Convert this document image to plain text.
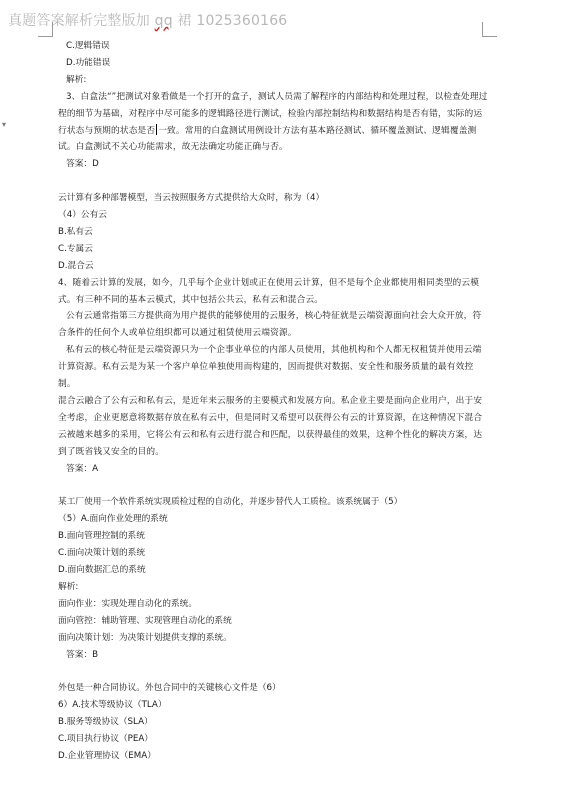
真题答案解析完整版加 qq 裙 1025360166
▾

C.逻辑错误

D.功能错误

解析:

3、白盒法“”把测试对象看做是一个打开的盒子，测试人员需了解程序的内部结构和处理过程，以检查处理过程的细节为基础，对程序中尽可能多的逻辑路径进行测试，检验内部控制结构和数据结构是否有错，实际的运行状态与预期的状态是否 一致。常用的白盒测试用例设计方法有基本路径测试、循环覆盖测试、逻辑覆盖测试。白盒测试不关心功能需求，故无法确定功能正确与否。

答案：D

云计算有多种部署模型，当云按照服务方式提供给大众时，称为（4）

（4）公有云

B.私有云

C.专属云

D.混合云

4、随着云计算的发展，如今，几乎每个企业计划或正在使用云计算，但不是每个企业都使用相同类型的云模式。有三种不同的基本云模式，其中包括公共云，私有云和混合云。

公有云通常指第三方提供商为用户提供的能够使用的云服务，核心特征就是云端资源面向社会大众开放，符合条件的任何个人或单位组织都可以通过租赁使用云端资源。

私有云的核心特征是云端资源只为一个企事业单位的内部人员使用，其他机构和个人都无权租赁并使用云端计算资源。私有云是为某一个客户单位单独使用而构建的，因而提供对数据、安全性和服务质量的最有效控制。

混合云融合了公有云和私有云，是近年来云服务的主要模式和发展方向。私企业主要是面向企业用户，出于安全考虑，企业更愿意将数据存放在私有云中，但是同时又希望可以获得公有云的计算资源，在这种情况下混合云被越来越多的采用，它将公有云和私有云进行混合和匹配，以获得最佳的效果，这种个性化的解决方案，达到了既省钱又安全的目的。

答案：A

某工厂使用一个软件系统实现质检过程的自动化，并逐步替代人工质检。该系统属于（5）

（5）A.面向作业处理的系统

B.面向管理控制的系统

C.面向决策计划的系统

D.面向数据汇总的系统

解析:

面向作业：实现处理自动化的系统。

面向管控：辅助管理、实现管理自动化的系统

面向决策计划：为决策计划提供支撑的系统。

答案：B

外包是一种合同协议。外包合同中的关键核心文件是（6）

6）A.技术等级协议（TLA）

B.服务等级协议（SLA）

C.项目执行协议（PEA）

D.企业管理协议（EMA）
